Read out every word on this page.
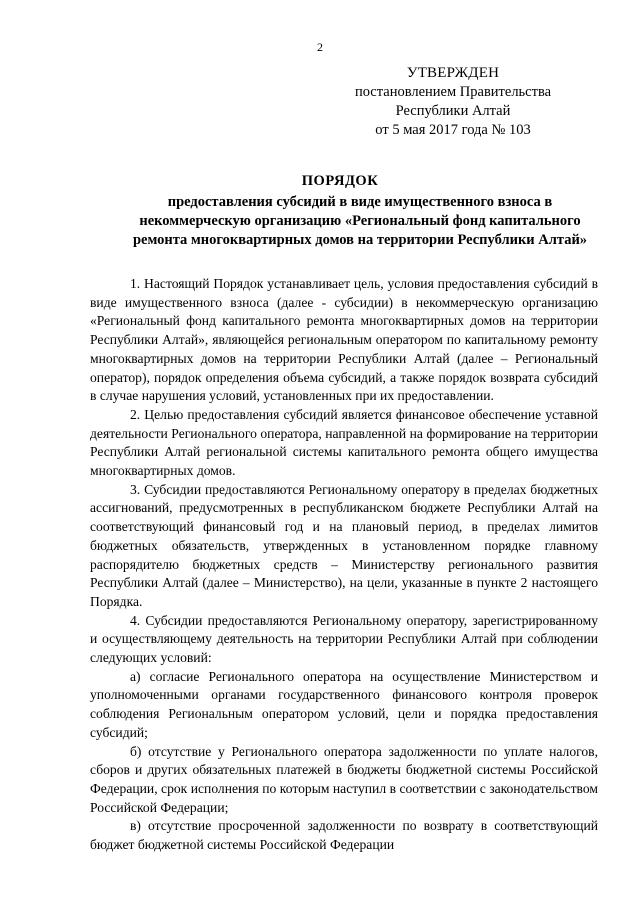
2
УТВЕРЖДЕН
постановлением Правительства
Республики Алтай
от 5 мая 2017 года № 103
ПОРЯДОК
предоставления субсидий в виде имущественного взноса в некоммерческую организацию «Региональный фонд капитального ремонта многоквартирных домов на территории Республики Алтай»

1. Настоящий Порядок устанавливает цель, условия предоставления субсидий в виде имущественного взноса (далее - субсидии) в некоммерческую организацию «Региональный фонд капитального ремонта многоквартирных домов на территории Республики Алтай», являющейся региональным оператором по капитальному ремонту многоквартирных домов на территории Республики Алтай (далее – Региональный оператор), порядок определения объема субсидий, а также порядок возврата субсидий в случае нарушения условий, установленных при их предоставлении.

2. Целью предоставления субсидий является финансовое обеспечение уставной деятельности Регионального оператора, направленной на формирование на территории Республики Алтай региональной системы капитального ремонта общего имущества многоквартирных домов.

3. Субсидии предоставляются Региональному оператору в пределах бюджетных ассигнований, предусмотренных в республиканском бюджете Республики Алтай на соответствующий финансовый год и на плановый период, в пределах лимитов бюджетных обязательств, утвержденных в установленном порядке главному распорядителю бюджетных средств – Министерству регионального развития Республики Алтай (далее – Министерство), на цели, указанные в пункте 2 настоящего Порядка.

4. Субсидии предоставляются Региональному оператору, зарегистрированному и осуществляющему деятельность на территории Республики Алтай при соблюдении следующих условий:

а) согласие Регионального оператора на осуществление Министерством и уполномоченными органами государственного финансового контроля проверок соблюдения Региональным оператором условий, цели и порядка предоставления субсидий;

б) отсутствие у Регионального оператора задолженности по уплате налогов, сборов и других обязательных платежей в бюджеты бюджетной системы Российской Федерации, срок исполнения по которым наступил в соответствии с законодательством Российской Федерации;

в) отсутствие просроченной задолженности по возврату в соответствующий бюджет бюджетной системы Российской Федерации
